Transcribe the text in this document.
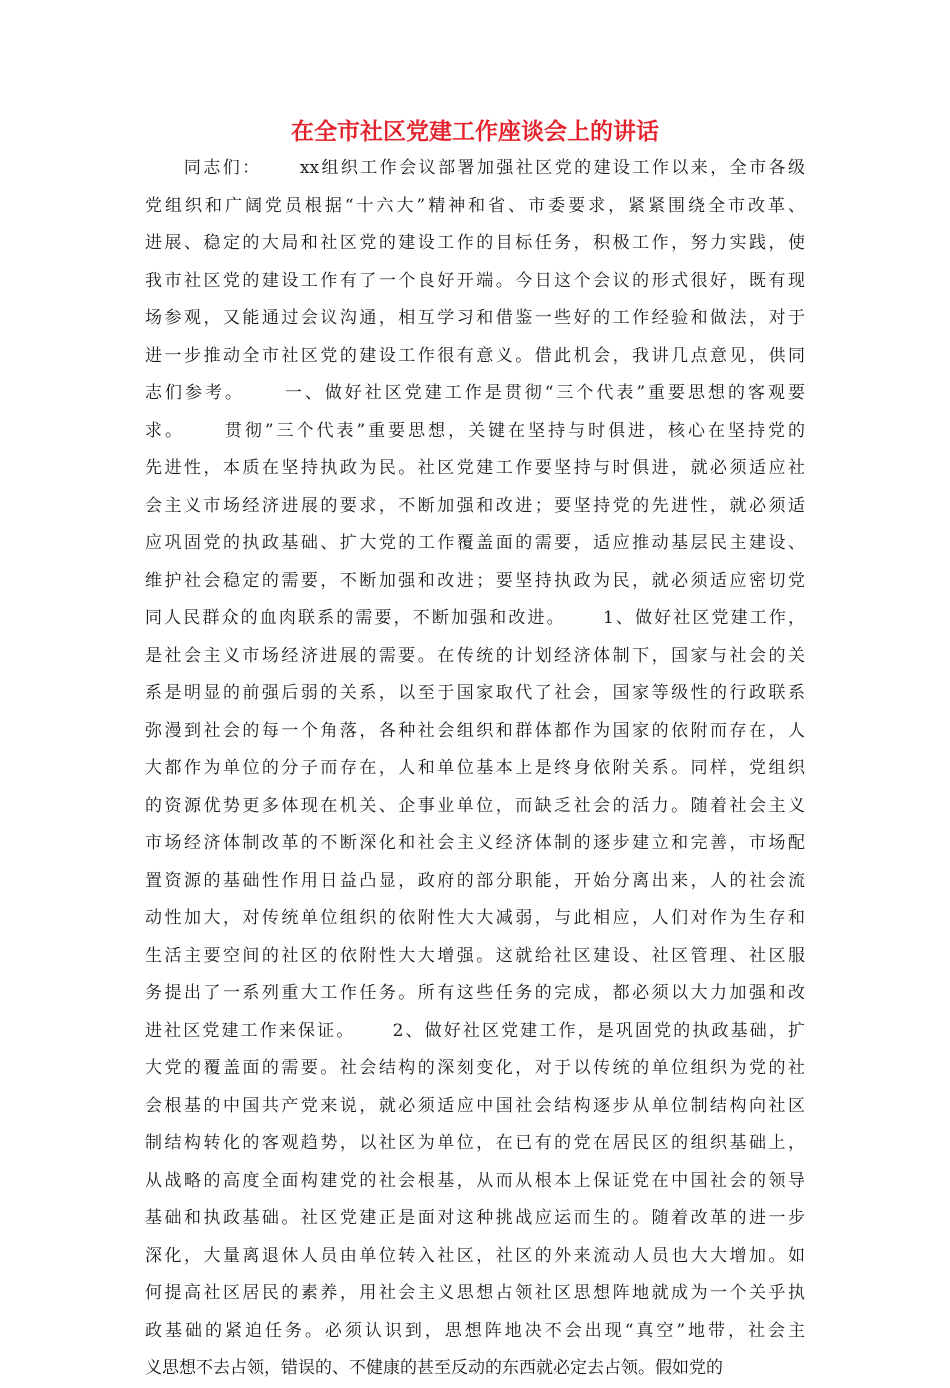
在全市社区党建工作座谈会上的讲话
　　同志们：　　 xx组织工作会议部署加强社区党的建设工作以来，全市各级
党组织和广阔党员根据“十六大”精神和省、市委要求，紧紧围绕全市改革、
进展、稳定的大局和社区党的建设工作的目标任务，积极工作，努力实践，使
我市社区党的建设工作有了一个良好开端。今日这个会议的形式很好，既有现
场参观，又能通过会议沟通，相互学习和借鉴一些好的工作经验和做法，对于
进一步推动全市社区党的建设工作很有意义。借此机会，我讲几点意见，供同
志们参考。　　 一、做好社区党建工作是贯彻“三个代表”重要思想的客观要
求。　　 贯彻”三个代表”重要思想，关键在坚持与时俱进，核心在坚持党的
先进性，本质在坚持执政为民。社区党建工作要坚持与时俱进，就必须适应社
会主义市场经济进展的要求，不断加强和改进；要坚持党的先进性，就必须适
应巩固党的执政基础、扩大党的工作覆盖面的需要，适应推动基层民主建设、
维护社会稳定的需要，不断加强和改进；要坚持执政为民，就必须适应密切党
同人民群众的血肉联系的需要，不断加强和改进。　　 1、做好社区党建工作，
是社会主义市场经济进展的需要。在传统的计划经济体制下，国家与社会的关
系是明显的前强后弱的关系，以至于国家取代了社会，国家等级性的行政联系
弥漫到社会的每一个角落，各种社会组织和群体都作为国家的依附而存在，人
大都作为单位的分子而存在，人和单位基本上是终身依附关系。同样，党组织
的资源优势更多体现在机关、企事业单位，而缺乏社会的活力。随着社会主义
市场经济体制改革的不断深化和社会主义经济体制的逐步建立和完善，市场配
置资源的基础性作用日益凸显，政府的部分职能，开始分离出来，人的社会流
动性加大，对传统单位组织的依附性大大减弱，与此相应，人们对作为生存和
生活主要空间的社区的依附性大大增强。这就给社区建设、社区管理、社区服
务提出了一系列重大工作任务。所有这些任务的完成，都必须以大力加强和改
进社区党建工作来保证。　　 2、做好社区党建工作，是巩固党的执政基础，扩
大党的覆盖面的需要。社会结构的深刻变化，对于以传统的单位组织为党的社
会根基的中国共产党来说，就必须适应中国社会结构逐步从单位制结构向社区
制结构转化的客观趋势，以社区为单位，在已有的党在居民区的组织基础上，
从战略的高度全面构建党的社会根基，从而从根本上保证党在中国社会的领导
基础和执政基础。社区党建正是面对这种挑战应运而生的。随着改革的进一步
深化，大量离退休人员由单位转入社区，社区的外来流动人员也大大增加。如
何提高社区居民的素养，用社会主义思想占领社区思想阵地就成为一个关乎执
政基础的紧迫任务。必须认识到，思想阵地决不会出现“真空”地带，社会主
义思想不去占领，错误的、不健康的甚至反动的东西就必定去占领。假如党的
